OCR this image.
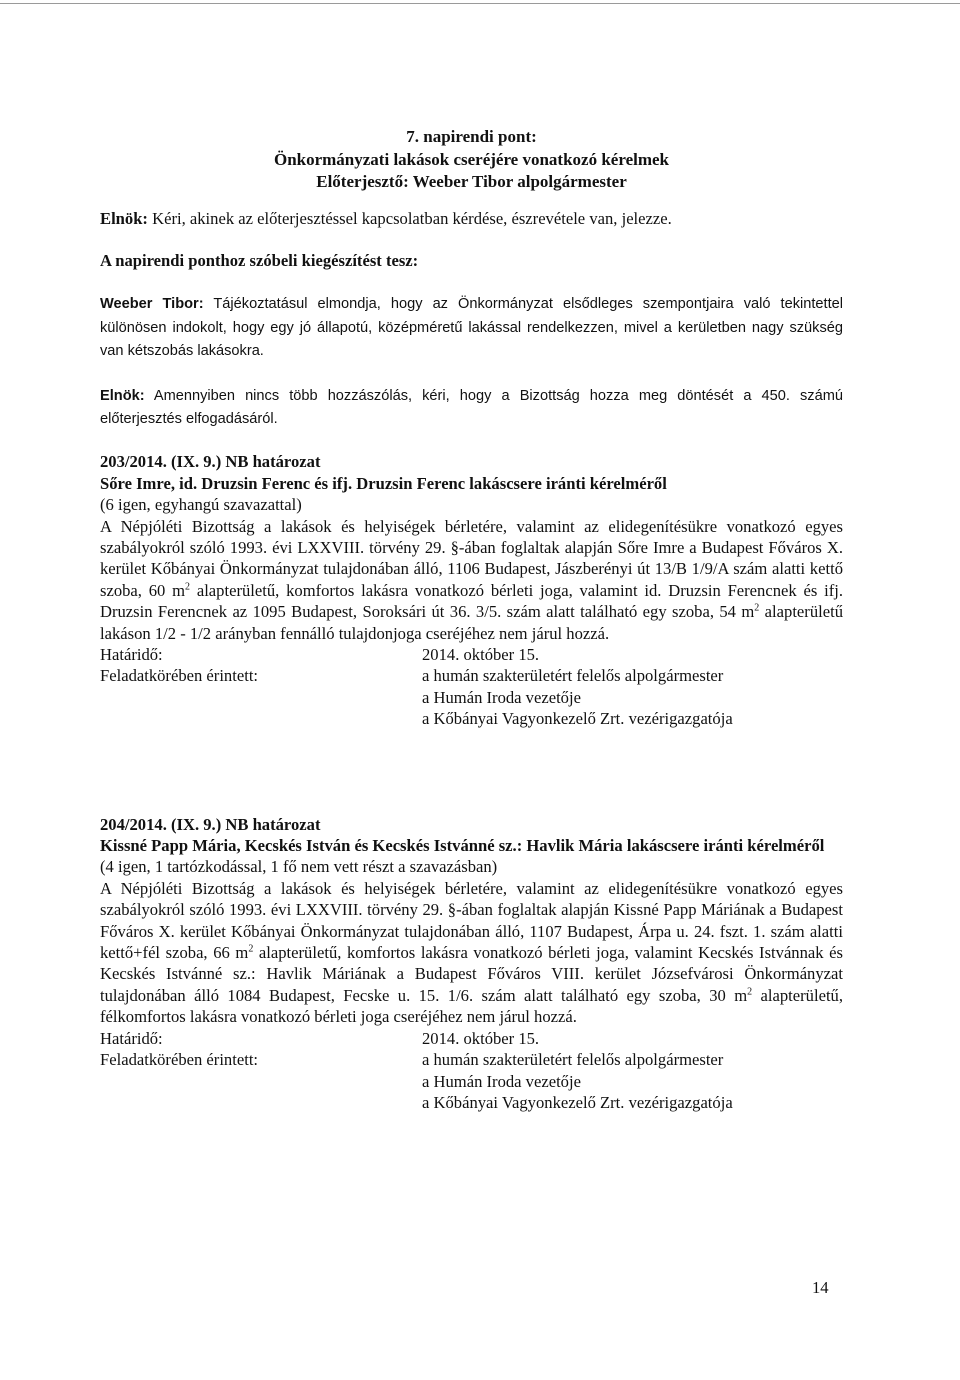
7. napirendi pont:
Önkormányzati lakások cseréjére vonatkozó kérelmek
Előterjesztő: Weeber Tibor alpolgármester

Elnök: Kéri, akinek az előterjesztéssel kapcsolatban kérdése, észrevétele van, jelezze.

A napirendi ponthoz szóbeli kiegészítést tesz:

Weeber Tibor: Tájékoztatásul elmondja, hogy az Önkormányzat elsődleges szempontjaira való tekintettel különösen indokolt, hogy egy jó állapotú, középméretű lakással rendelkezzen, mivel a kerületben nagy szükség van kétszobás lakásokra.

Elnök: Amennyiben nincs több hozzászólás, kéri, hogy a Bizottság hozza meg döntését a 450. számú előterjesztés elfogadásáról.

203/2014. (IX. 9.) NB határozat

Sőre Imre, id. Druzsin Ferenc és ifj. Druzsin Ferenc lakáscsere iránti kérelméről

(6 igen, egyhangú szavazattal)

A Népjóléti Bizottság a lakások és helyiségek bérletére, valamint az elidegenítésükre vonatkozó egyes szabályokról szóló 1993. évi LXXVIII. törvény 29. §-ában foglaltak alapján Sőre Imre a Budapest Főváros X. kerület Kőbányai Önkormányzat tulajdonában álló, 1106 Budapest, Jászberényi út 13/B 1/9/A szám alatti kettő szoba, 60 $m^2$ alapterületű, komfortos lakásra vonatkozó bérleti joga, valamint id. Druzsin Ferencnek és ifj. Druzsin Ferencnek az 1095 Budapest, Soroksári út 36. 3/5. szám alatt található egy szoba, 54 $m^2$ alapterületű lakáson 1/2 - 1/2 arányban fennálló tulajdonjoga cseréjéhez nem járul hozzá.

Határidő:	2014. október 15.
Feladatkörében érintett:	a humán szakterületért felelős alpolgármester
a Humán Iroda vezetője
a Kőbányai Vagyonkezelő Zrt. vezérigazgatója

204/2014. (IX. 9.) NB határozat

Kissné Papp Mária, Kecskés István és Kecskés Istvánné sz.: Havlik Mária lakáscsere iránti kérelméről

(4 igen, 1 tartózkodással, 1 fő nem vett részt a szavazásban)

A Népjóléti Bizottság a lakások és helyiségek bérletére, valamint az elidegenítésükre vonatkozó egyes szabályokról szóló 1993. évi LXXVIII. törvény 29. §-ában foglaltak alapján Kissné Papp Máriának a Budapest Főváros X. kerület Kőbányai Önkormányzat tulajdonában álló, 1107 Budapest, Árpa u. 24. fszt. 1. szám alatti kettő+fél szoba, 66 $m^2$ alapterületű, komfortos lakásra vonatkozó bérleti joga, valamint Kecskés Istvánnak és Kecskés Istvánné sz.: Havlik Máriának a Budapest Főváros VIII. kerület Józsefvárosi Önkormányzat tulajdonában álló 1084 Budapest, Fecske u. 15. 1/6. szám alatt található egy szoba, 30 $m^2$ alapterületű, félkomfortos lakásra vonatkozó bérleti joga cseréjéhez nem járul hozzá.

Határidő:	2014. október 15.
Feladatkörében érintett:	a humán szakterületért felelős alpolgármester
a Humán Iroda vezetője
a Kőbányai Vagyonkezelő Zrt. vezérigazgatója
14
